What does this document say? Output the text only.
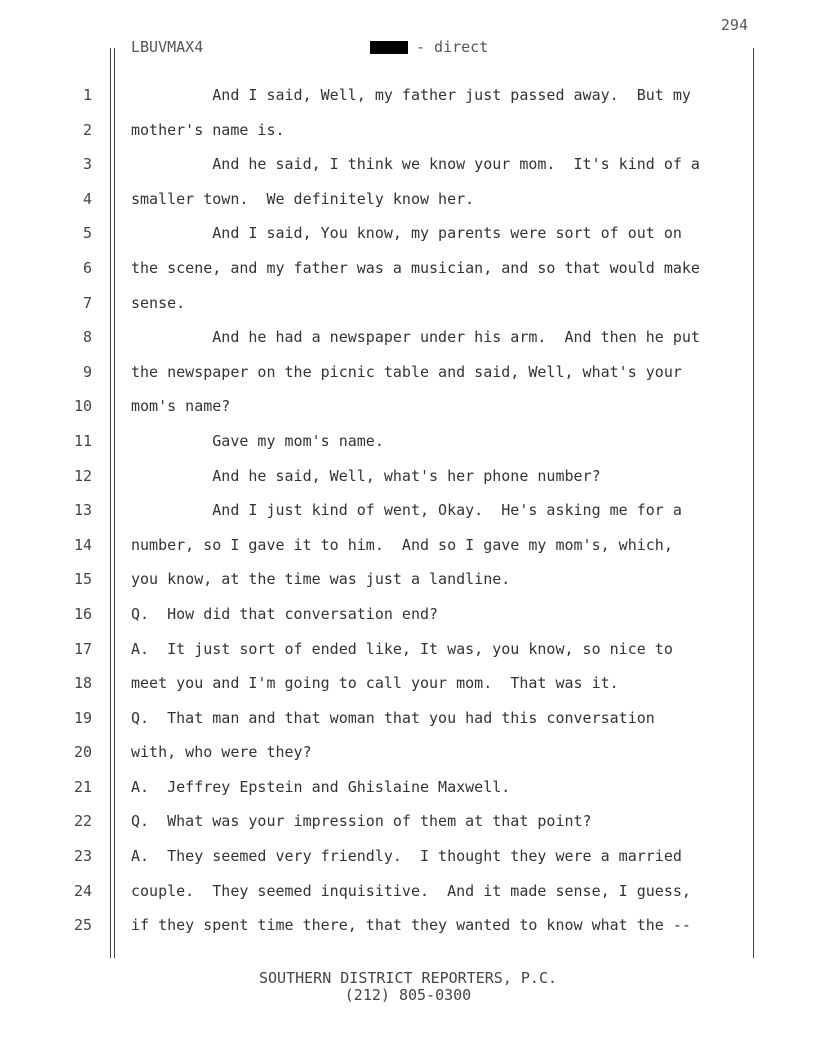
294
LBUVMAX4	- direct
1	And I said, Well, my father just passed away.  But my
2	mother's name is.
3	And he said, I think we know your mom.  It's kind of a
4	smaller town.  We definitely know her.
5	And I said, You know, my parents were sort of out on
6	the scene, and my father was a musician, and so that would make
7	sense.
8	And he had a newspaper under his arm.  And then he put
9	the newspaper on the picnic table and said, Well, what's your
10	mom's name?
11	Gave my mom's name.
12	And he said, Well, what's her phone number?
13	And I just kind of went, Okay.  He's asking me for a
14	number, so I gave it to him.  And so I gave my mom's, which,
15	you know, at the time was just a landline.
16	Q.  How did that conversation end?
17	A.  It just sort of ended like, It was, you know, so nice to
18	meet you and I'm going to call your mom.  That was it.
19	Q.  That man and that woman that you had this conversation
20	with, who were they?
21	A.  Jeffrey Epstein and Ghislaine Maxwell.
22	Q.  What was your impression of them at that point?
23	A.  They seemed very friendly.  I thought they were a married
24	couple.  They seemed inquisitive.  And it made sense, I guess,
25	if they spent time there, that they wanted to know what the --
SOUTHERN DISTRICT REPORTERS, P.C.
(212) 805-0300
